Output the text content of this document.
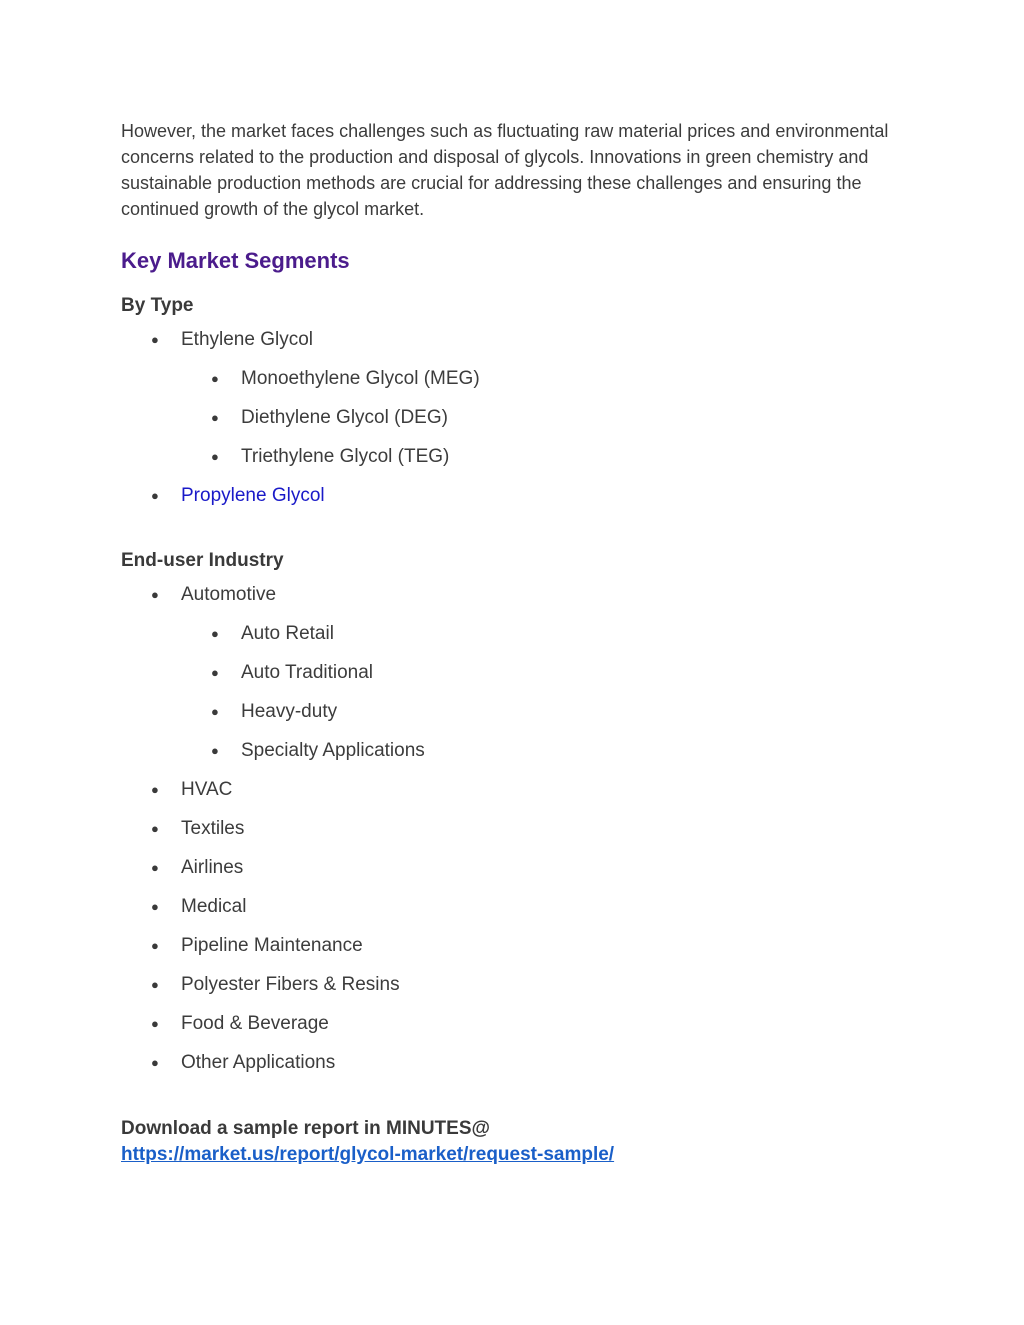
However, the market faces challenges such as fluctuating raw material prices and environmental concerns related to the production and disposal of glycols. Innovations in green chemistry and sustainable production methods are crucial for addressing these challenges and ensuring the continued growth of the glycol market.

Key Market Segments
By Type
● Ethylene Glycol
● Monoethylene Glycol (MEG)
● Diethylene Glycol (DEG)
● Triethylene Glycol (TEG)
● Propylene Glycol
End-user Industry
● Automotive
● Auto Retail
● Auto Traditional
● Heavy-duty
● Specialty Applications
● HVAC
● Textiles
● Airlines
● Medical
● Pipeline Maintenance
● Polyester Fibers & Resins
● Food & Beverage
● Other Applications

Download a sample report in MINUTES@
https://market.us/report/glycol-market/request-sample/
